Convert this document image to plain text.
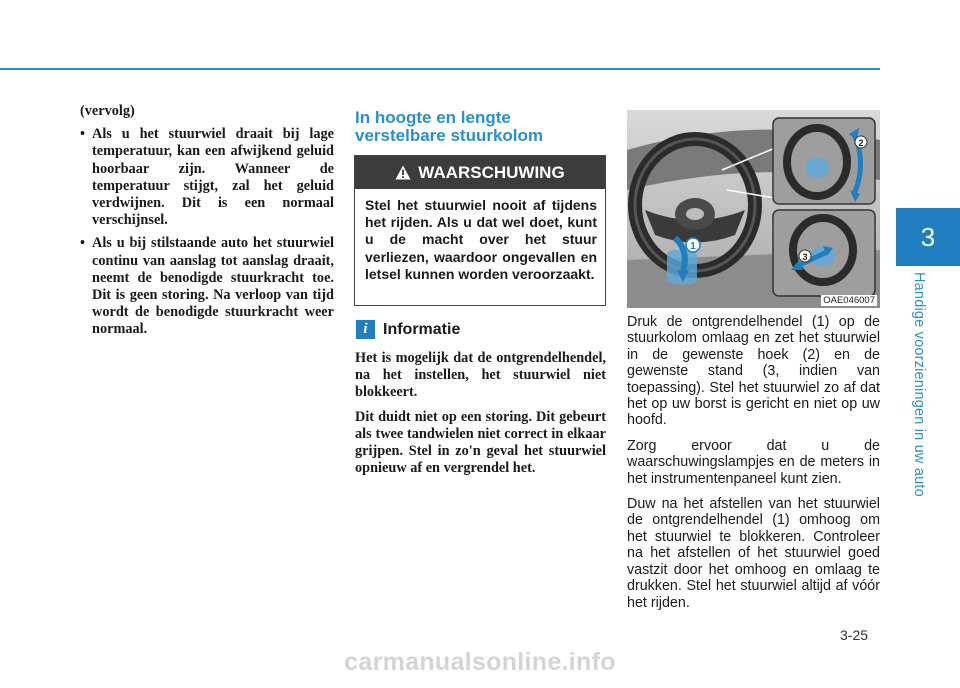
3
Handige voorzieningen in uw auto
(vervolg)
• Als u het stuurwiel draait bij lage temperatuur, kan een afwijkend geluid hoorbaar zijn. Wanneer de temperatuur stijgt, zal het geluid verdwijnen. Dit is een normaal verschijnsel.
• Als u bij stilstaande auto het stuurwiel continu van aanslag tot aanslag draait, neemt de benodigde stuurkracht toe. Dit is geen storing. Na verloop van tijd wordt de benodigde stuurkracht weer normaal.
In hoogte en lengte
verstelbare stuurkolom
WAARSCHUWING
Stel het stuurwiel nooit af tijdens het rijden. Als u dat wel doet, kunt u de macht over het stuur verliezen, waardoor ongevallen en letsel kunnen worden veroorzaakt.
i Informatie

Het is mogelijk dat de ontgrendelhendel, na het instellen, het stuurwiel niet blokkeert.

Dit duidt niet op een storing. Dit gebeurt als twee tandwielen niet correct in elkaar grijpen. Stel in zo'n geval het stuurwiel opnieuw af en vergrendel het.

1
2
3
OAE046007

Druk de ontgrendelhendel (1) op de stuurkolom omlaag en zet het stuurwiel in de gewenste hoek (2) en de gewenste stand (3, indien van toepassing). Stel het stuurwiel zo af dat het op uw borst is gericht en niet op uw hoofd.

Zorg ervoor dat u de waarschuwingslampjes en de meters in het instrumentenpaneel kunt zien.

Duw na het afstellen van het stuurwiel de ontgrendelhendel (1) omhoog om het stuurwiel te blokkeren. Controleer na het afstellen of het stuurwiel goed vastzit door het omhoog en omlaag te drukken. Stel het stuurwiel altijd af vóór het rijden.

3-25
carmanualsonline.info
